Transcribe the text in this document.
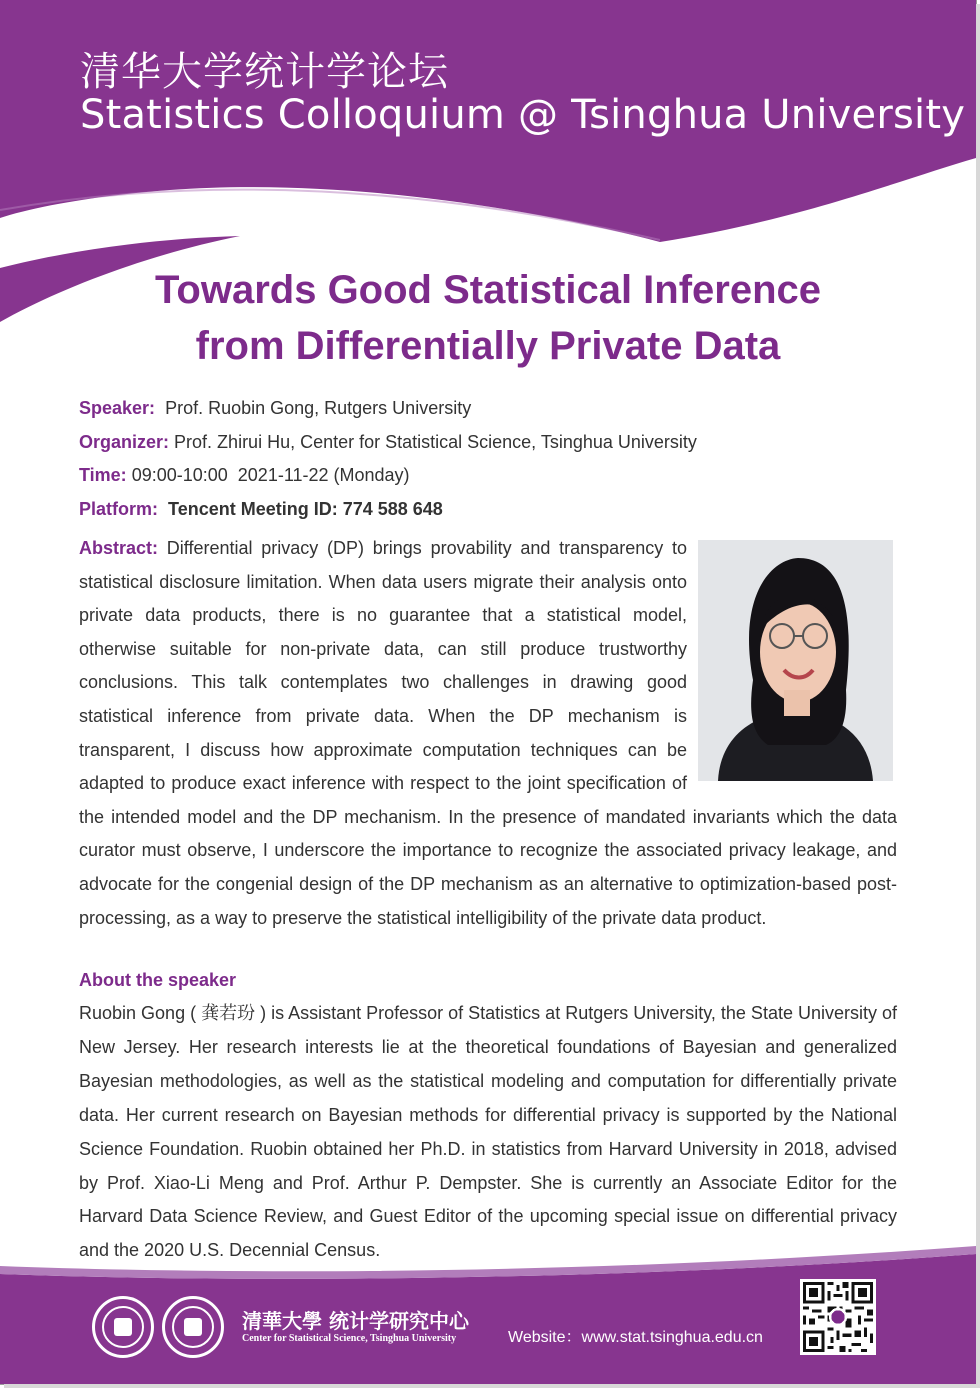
清华大学统计学论坛
Statistics Colloquium @ Tsinghua University
Towards Good Statistical Inference
from Differentially Private Data
Speaker: Prof. Ruobin Gong, Rutgers University
Organizer: Prof. Zhirui Hu, Center for Statistical Science, Tsinghua University
Time: 09:00-10:00  2021-11-22 (Monday)
Platform: Tencent Meeting ID: 774 588 648

Abstract: Differential privacy (DP) brings provability and transparency to statistical disclosure limitation. When data users migrate their analysis onto private data products, there is no guarantee that a statistical model, otherwise suitable for non-private data, can still produce trustworthy conclusions. This talk contemplates two challenges in drawing good statistical inference from private data. When the DP mechanism is transparent, I discuss how approximate computation techniques can be adapted to produce exact inference with respect to the joint specification of the intended model and the DP mechanism. In the presence of mandated invariants which the data curator must observe, I underscore the importance to recognize the associated privacy leakage, and advocate for the congenial design of the DP mechanism as an alternative to optimization-based post-processing, as a way to preserve the statistical intelligibility of the private data product.

About the speaker

Ruobin Gong ( 龚若玢 ) is Assistant Professor of Statistics at Rutgers University, the State University of New Jersey. Her research interests lie at the theoretical foundations of Bayesian and generalized Bayesian methodologies, as well as the statistical modeling and computation for differentially private data. Her current research on Bayesian methods for differential privacy is supported by the National Science Foundation. Ruobin obtained her Ph.D. in statistics from Harvard University in 2018, advised by Prof. Xiao-Li Meng and Prof. Arthur P. Dempster. She is currently an Associate Editor for the Harvard Data Science Review, and Guest Editor of the upcoming special issue on differential privacy and the 2020 U.S. Decennial Census.

清華大學 统计学研究中心

Center for Statistical Science, Tsinghua University	Website：www.stat.tsinghua.edu.cn
